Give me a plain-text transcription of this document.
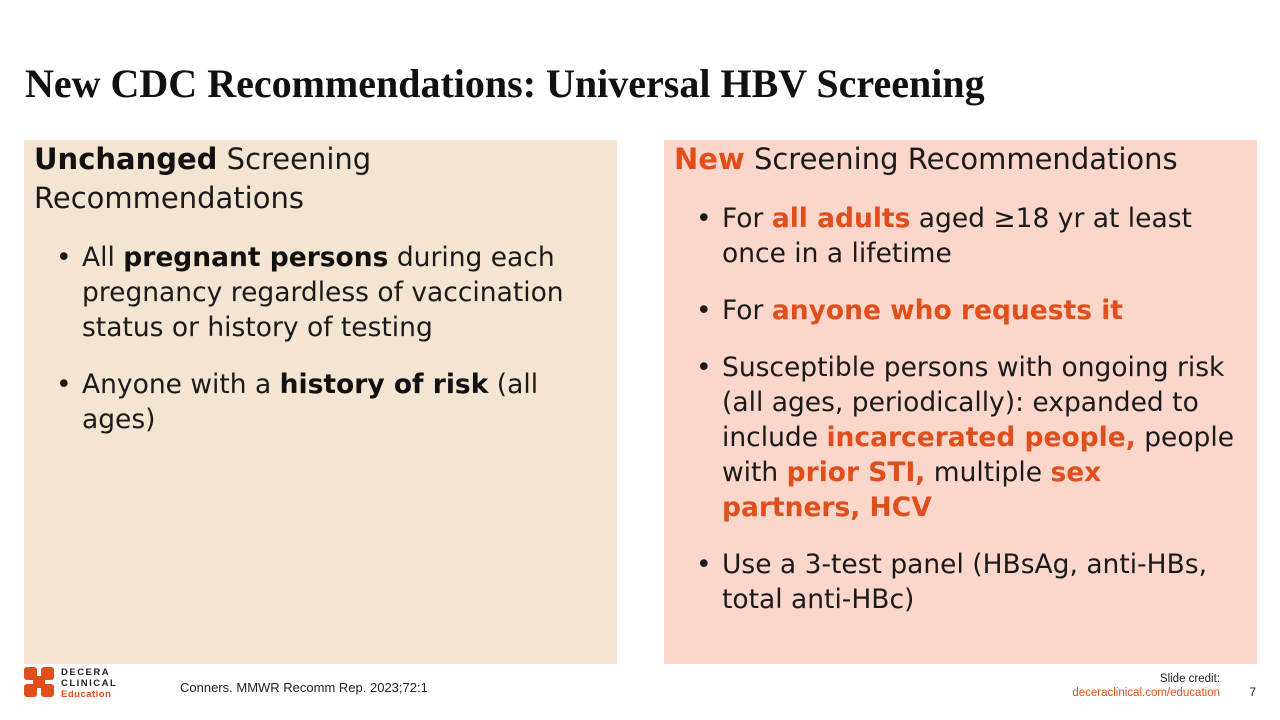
New CDC Recommendations: Universal HBV Screening

Unchanged Screening Recommendations

• All pregnant persons during each pregnancy regardless of vaccination status or history of testing
• Anyone with a history of risk (all ages)

New Screening Recommendations

• For all adults aged ≥18 yr at least once in a lifetime
• For anyone who requests it
• Susceptible persons with ongoing risk (all ages, periodically): expanded to include incarcerated people, people with prior STI, multiple sex partners, HCV
• Use a 3-test panel (HBsAg, anti-HBs, total anti-HBc)
DECERA
CLINICAL
Education	Conners. MMWR Recomm Rep. 2023;72:1
Slide credit:
deceraclinical.com/education 7
